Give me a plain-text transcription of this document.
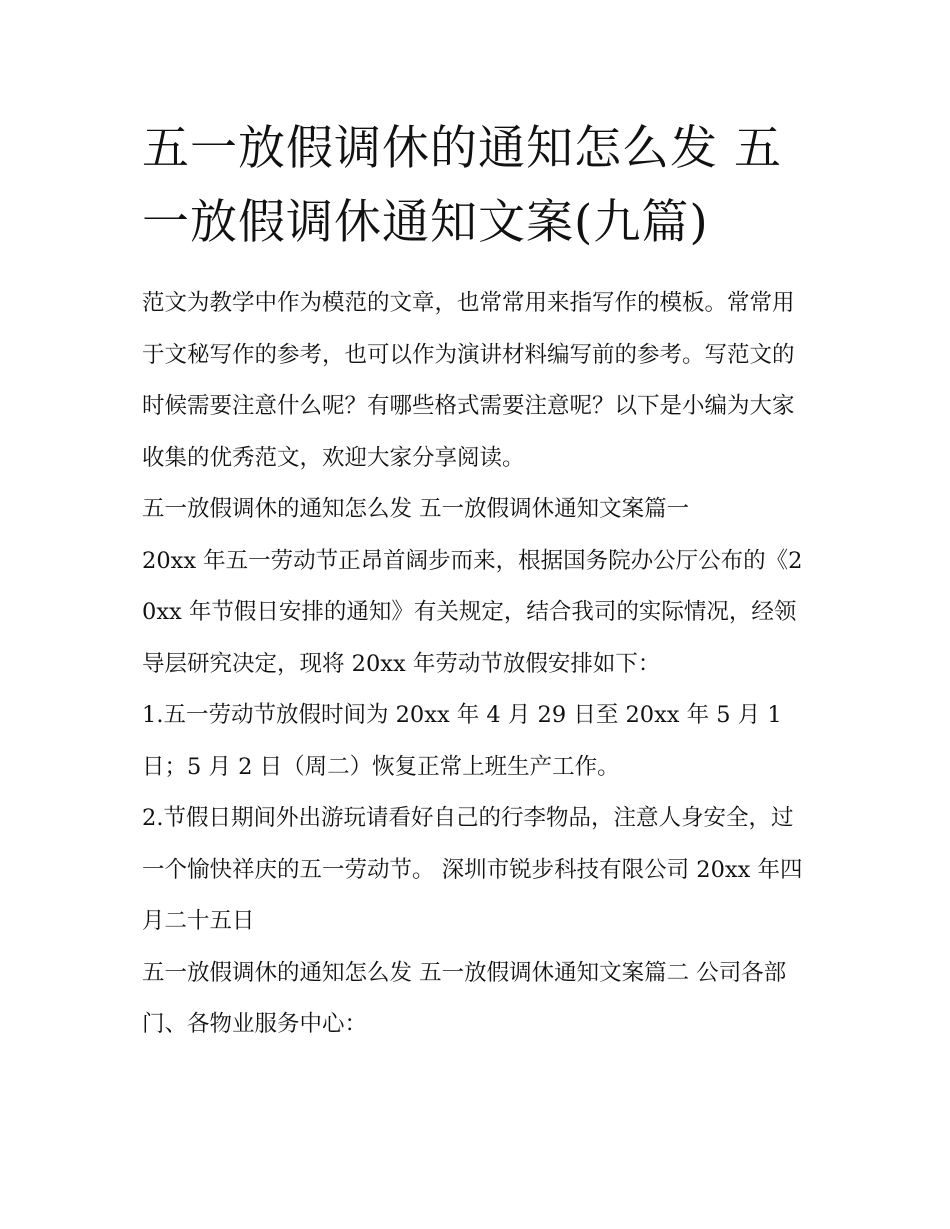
五一放假调休的通知怎么发 五一放假调休通知文案(九篇)

范文为教学中作为模范的文章，也常常用来指写作的模板。常常用于文秘写作的参考，也可以作为演讲材料编写前的参考。写范文的时候需要注意什么呢？有哪些格式需要注意呢？以下是小编为大家收集的优秀范文，欢迎大家分享阅读。

五一放假调休的通知怎么发 五一放假调休通知文案篇一

20xx 年五一劳动节正昂首阔步而来，根据国务院办公厅公布的《20xx 年节假日安排的通知》有关规定，结合我司的实际情况，经领导层研究决定，现将 20xx 年劳动节放假安排如下：

1.五一劳动节放假时间为 20xx 年 4 月 29 日至 20xx 年 5 月 1 日；5 月 2 日（周二）恢复正常上班生产工作。

2.节假日期间外出游玩请看好自己的行李物品，注意人身安全，过一个愉快祥庆的五一劳动节。 深圳市锐步科技有限公司 20xx 年四月二十五日

五一放假调休的通知怎么发 五一放假调休通知文案篇二 公司各部门、各物业服务中心：
